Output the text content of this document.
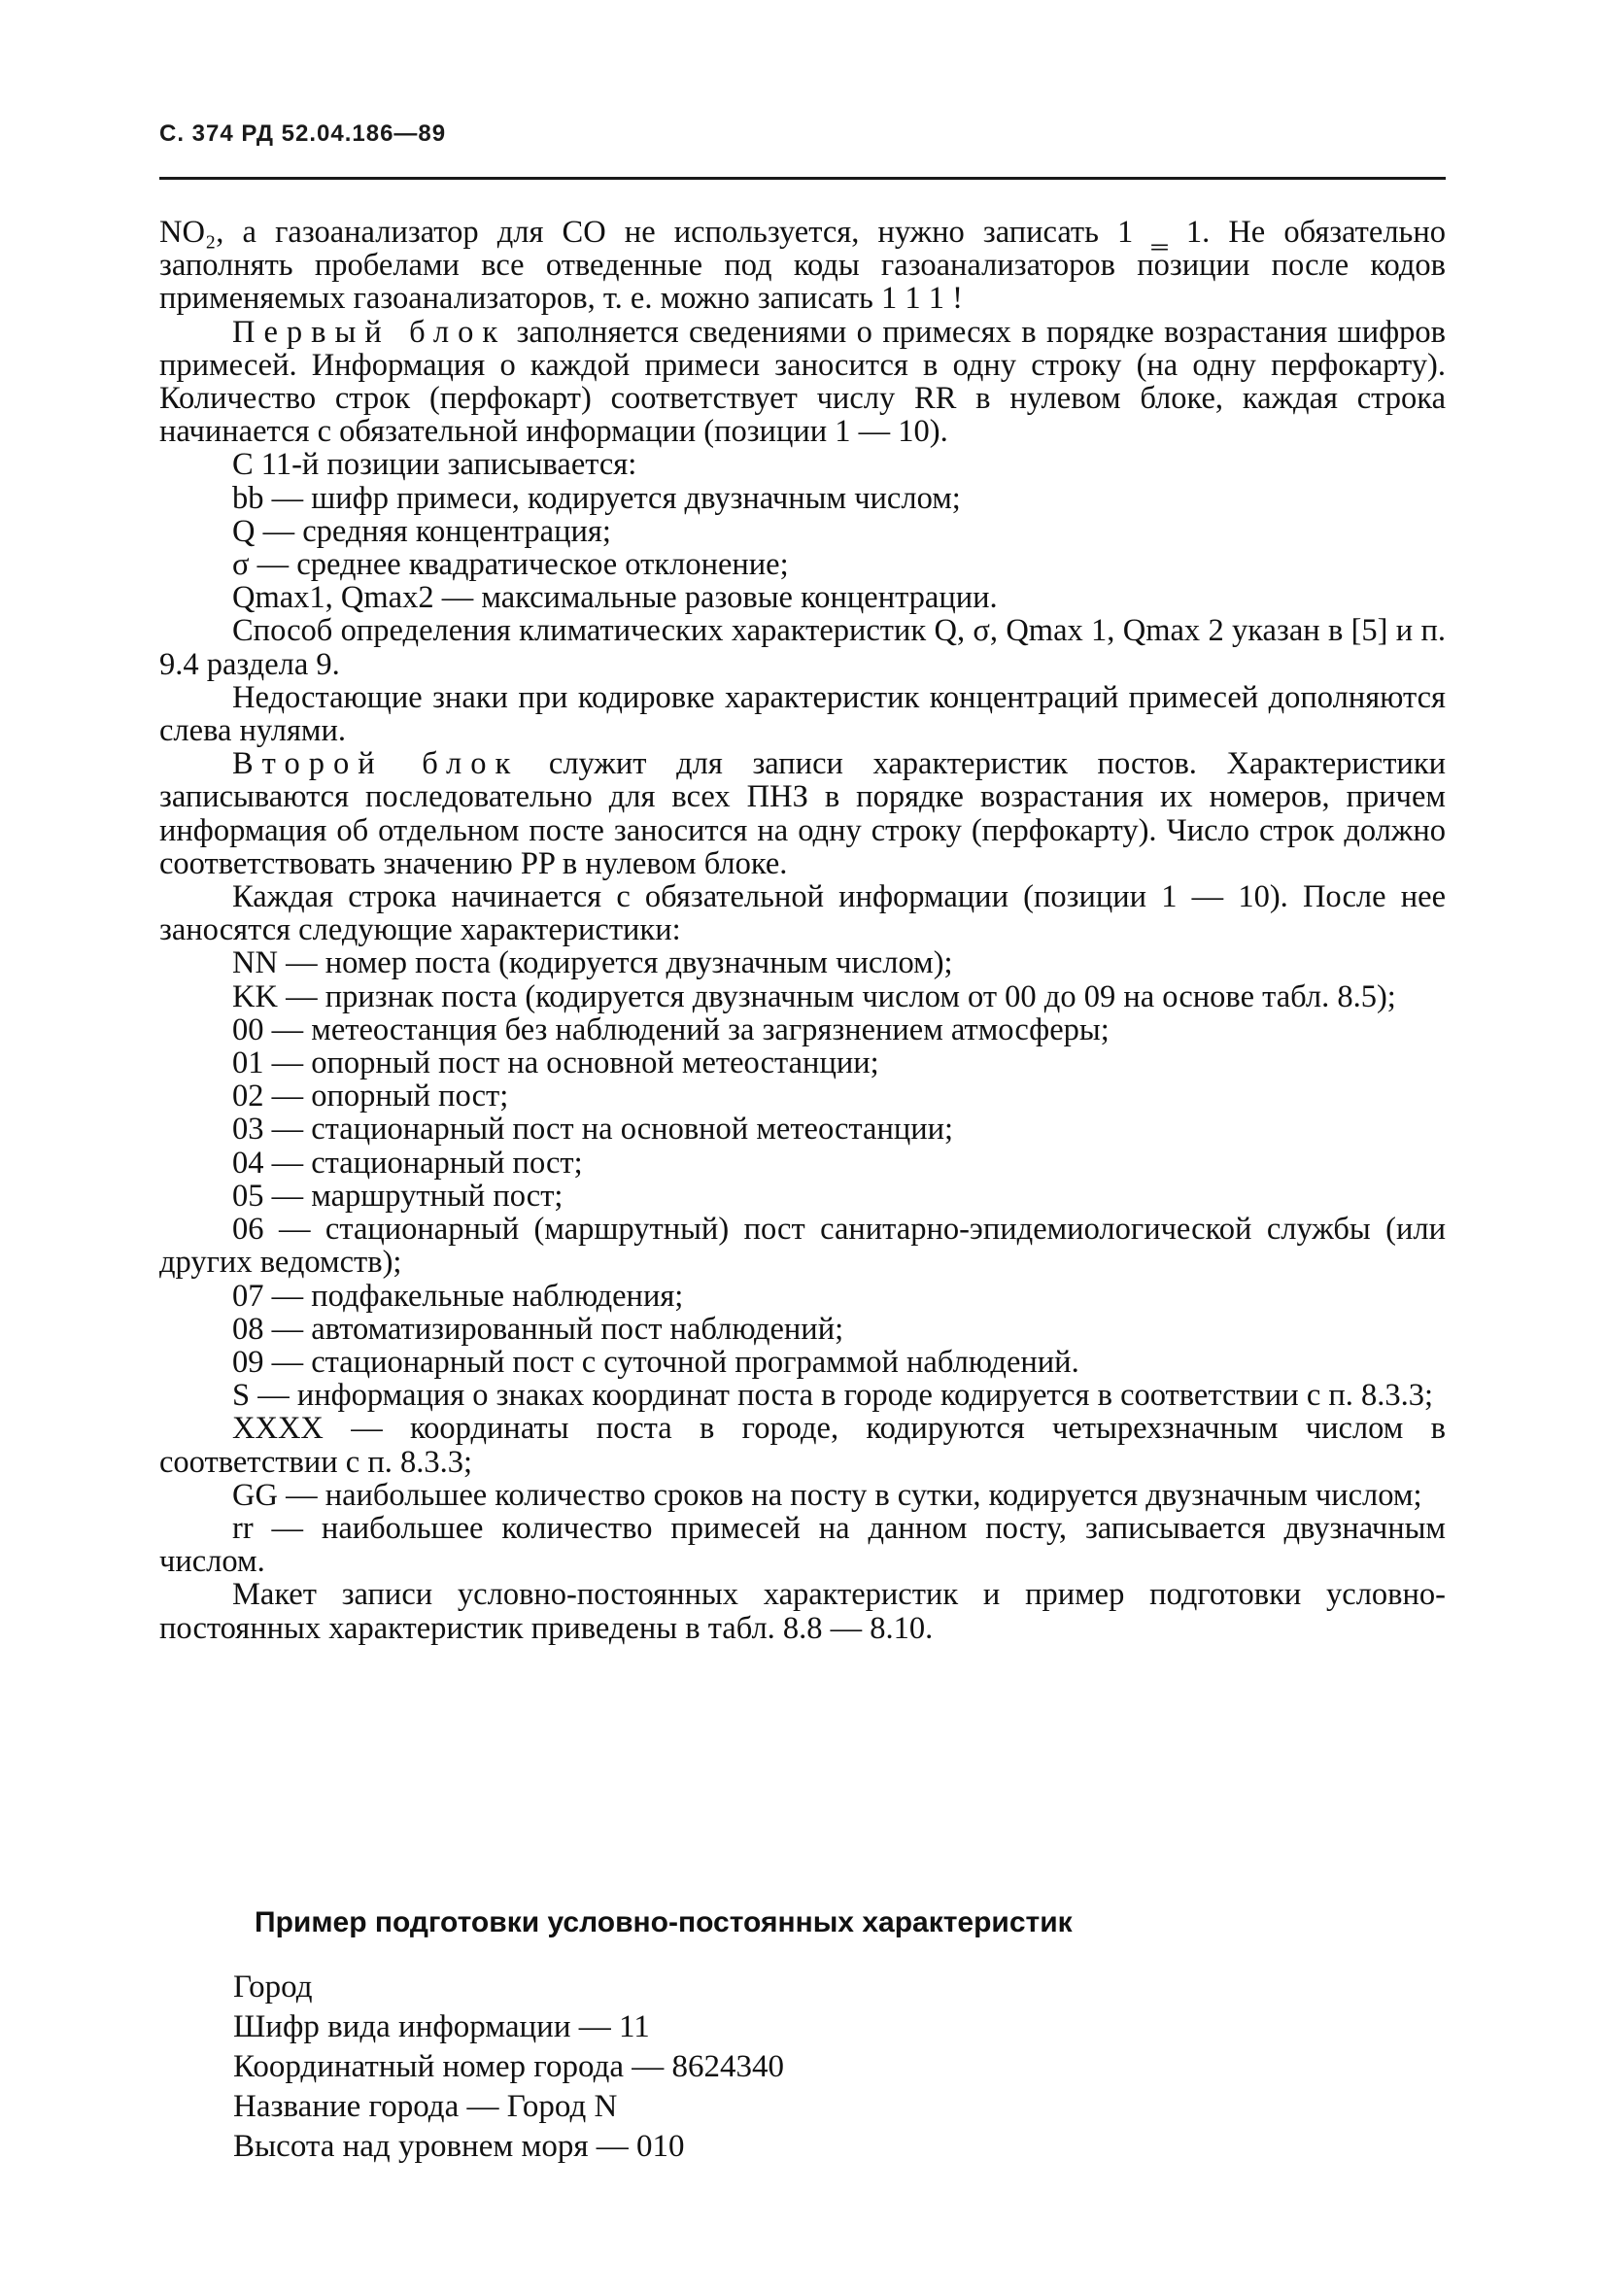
С. 374 РД 52.04.186—89

NO₂, а газоанализатор для CO не используется, нужно записать 1 ‗ 1. Не обязательно заполнять пробелами все отведенные под коды газоанализаторов позиции после кодов применяемых газоанализаторов, т. е. можно записать 1 1 1 !

Первый блок заполняется сведениями о примесях в порядке возрастания шифров примесей. Информация о каждой примеси заносится в одну строку (на одну перфокарту). Количество строк (перфокарт) соответствует числу RR в нулевом блоке, каждая строка начинается с обязательной информации (позиции 1 — 10).

С 11-й позиции записывается:

bb — шифр примеси, кодируется двузначным числом;

Q — средняя концентрация;

σ — среднее квадратическое отклонение;

Qmax1, Qmax2 — максимальные разовые концентрации.

Способ определения климатических характеристик Q, σ, Qmax 1, Qmax 2 указан в [5] и п. 9.4 раздела 9.

Недостающие знаки при кодировке характеристик концентраций примесей дополняются слева нулями.

Второй блок служит для записи характеристик постов. Характеристики записываются последовательно для всех ПНЗ в порядке возрастания их номеров, причем информация об отдельном посте заносится на одну строку (перфокарту). Число строк должно соответствовать значению PP в нулевом блоке.

Каждая строка начинается с обязательной информации (позиции 1 — 10). После нее заносятся следующие характеристики:

NN — номер поста (кодируется двузначным числом);

KK — признак поста (кодируется двузначным числом от 00 до 09 на основе табл. 8.5);

00 — метеостанция без наблюдений за загрязнением атмосферы;

01 — опорный пост на основной метеостанции;

02 — опорный пост;

03 — стационарный пост на основной метеостанции;

04 — стационарный пост;

05 — маршрутный пост;

06 — стационарный (маршрутный) пост санитарно-эпидемиологической службы (или других ведомств);

07 — подфакельные наблюдения;

08 — автоматизированный пост наблюдений;

09 — стационарный пост с суточной программой наблюдений.

S — информация о знаках координат поста в городе кодируется в соответствии с п. 8.3.3;

XXXX — координаты поста в городе, кодируются четырехзначным числом в соответствии с п. 8.3.3;

GG — наибольшее количество сроков на посту в сутки, кодируется двузначным числом;

rr — наибольшее количество примесей на данном посту, записывается двузначным числом.

Макет записи условно-постоянных характеристик и пример подготовки условно-постоянных характеристик приведены в табл. 8.8 — 8.10.

Пример подготовки условно-постоянных характеристик
Город
Шифр вида информации — 11
Координатный номер города — 8624340
Название города — Город N
Высота над уровнем моря — 010
